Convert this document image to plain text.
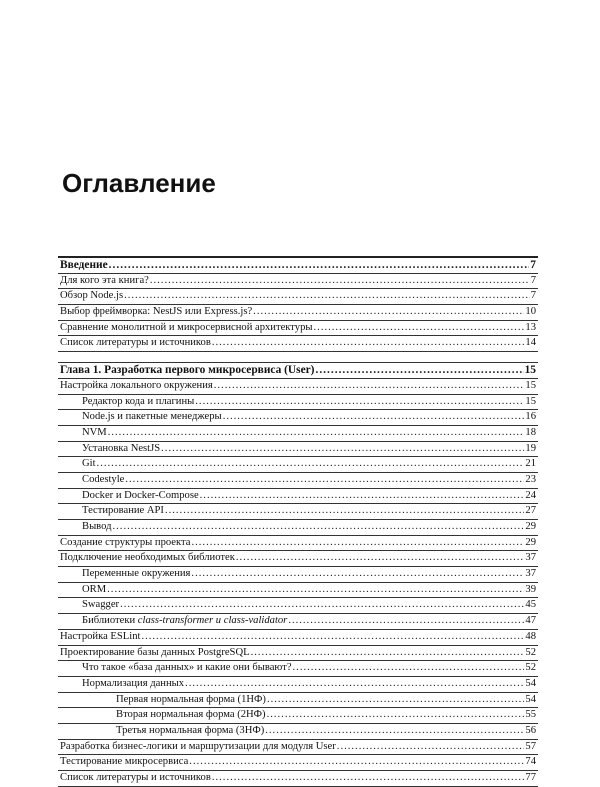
Оглавление
Введение .....	7
Для кого эта книга? .....	7
Обзор Node.js .....	7
Выбор фреймворка: NestJS или Express.js? .....	10
Сравнение монолитной и микросервисной архитектуры .....	13
Список литературы и источников .....	14
Глава 1. Разработка первого микросервиса (User) .....	15
Настройка локального окружения .....	15
Редактор кода и плагины .....	15
Node.js и пакетные менеджеры .....	16
NVM .....	18
Установка NestJS .....	19
Git .....	21
Codestyle .....	23
Docker и Docker-Compose .....	24
Тестирование API .....	27
Вывод .....	29
Создание структуры проекта .....	29
Подключение необходимых библиотек .....	37
Переменные окружения .....	37
ORM .....	39
Swagger .....	45
Библиотеки class-transformer и class-validator .....	47
Настройка ESLint .....	48
Проектирование базы данных PostgreSQL .....	52
Что такое «база данных» и какие они бывают? .....	52
Нормализация данных .....	54
Первая нормальная форма (1НФ) .....	54
Вторая нормальная форма (2НФ) .....	55
Третья нормальная форма (3НФ) .....	56
Разработка бизнес-логики и маршрутизации для модуля User .....	57
Тестирование микросервиса .....	74
Список литературы и источников .....	77
